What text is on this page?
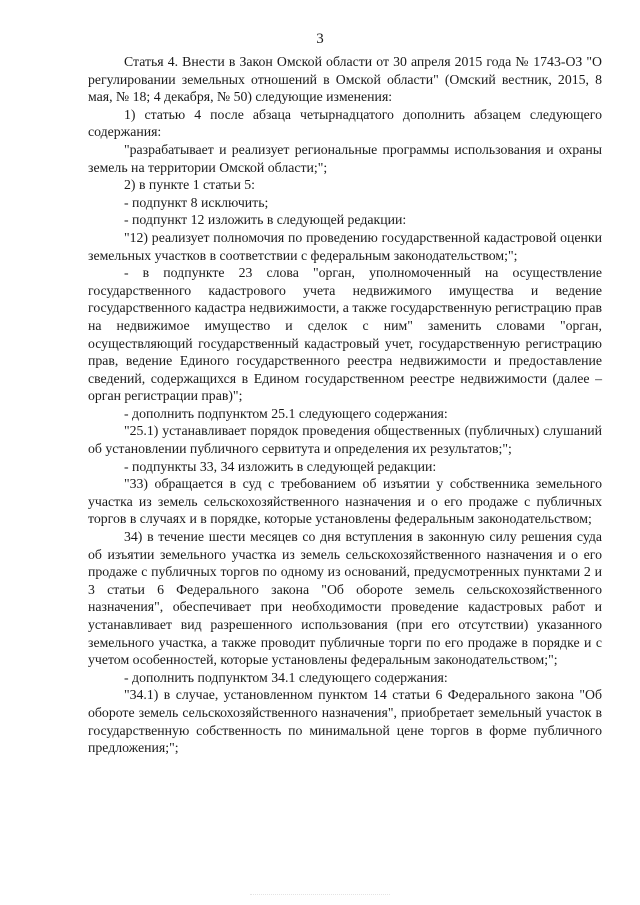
3

Статья 4. Внести в Закон Омской области от 30 апреля 2015 года № 1743-ОЗ "О регулировании земельных отношений в Омской области" (Омский вестник, 2015, 8 мая, № 18; 4 декабря, № 50) следующие изменения:

1) статью 4 после абзаца четырнадцатого дополнить абзацем следующего содержания:

"разрабатывает и реализует региональные программы использования и охраны земель на территории Омской области;";

2) в пункте 1 статьи 5:

- подпункт 8 исключить;

- подпункт 12 изложить в следующей редакции:

"12) реализует полномочия по проведению государственной кадастровой оценки земельных участков в соответствии с федеральным законодательством;";

- в подпункте 23 слова "орган, уполномоченный на осуществление государственного кадастрового учета недвижимого имущества и ведение государственного кадастра недвижимости, а также государственную регистрацию прав на недвижимое имущество и сделок с ним" заменить словами "орган, осуществляющий государственный кадастровый учет, государственную регистрацию прав, ведение Единого государственного реестра недвижимости и предоставление сведений, содержащихся в Едином государственном реестре недвижимости (далее – орган регистрации прав)";

- дополнить подпунктом 25.1 следующего содержания:

"25.1) устанавливает порядок проведения общественных (публичных) слушаний об установлении публичного сервитута и определения их результатов;";

- подпункты 33, 34 изложить в следующей редакции:

"33) обращается в суд с требованием об изъятии у собственника земельного участка из земель сельскохозяйственного назначения и о его продаже с публичных торгов в случаях и в порядке, которые установлены федеральным законодательством;

34) в течение шести месяцев со дня вступления в законную силу решения суда об изъятии земельного участка из земель сельскохозяйственного назначения и о его продаже с публичных торгов по одному из оснований, предусмотренных пунктами 2 и 3 статьи 6 Федерального закона "Об обороте земель сельскохозяйственного назначения", обеспечивает при необходимости проведение кадастровых работ и устанавливает вид разрешенного использования (при его отсутствии) указанного земельного участка, а также проводит публичные торги по его продаже в порядке и с учетом особенностей, которые установлены федеральным законодательством;";

- дополнить подпунктом 34.1 следующего содержания:

"34.1) в случае, установленном пунктом 14 статьи 6 Федерального закона "Об обороте земель сельскохозяйственного назначения", приобретает земельный участок в государственную собственность по минимальной цене торгов в форме публичного предложения;";
